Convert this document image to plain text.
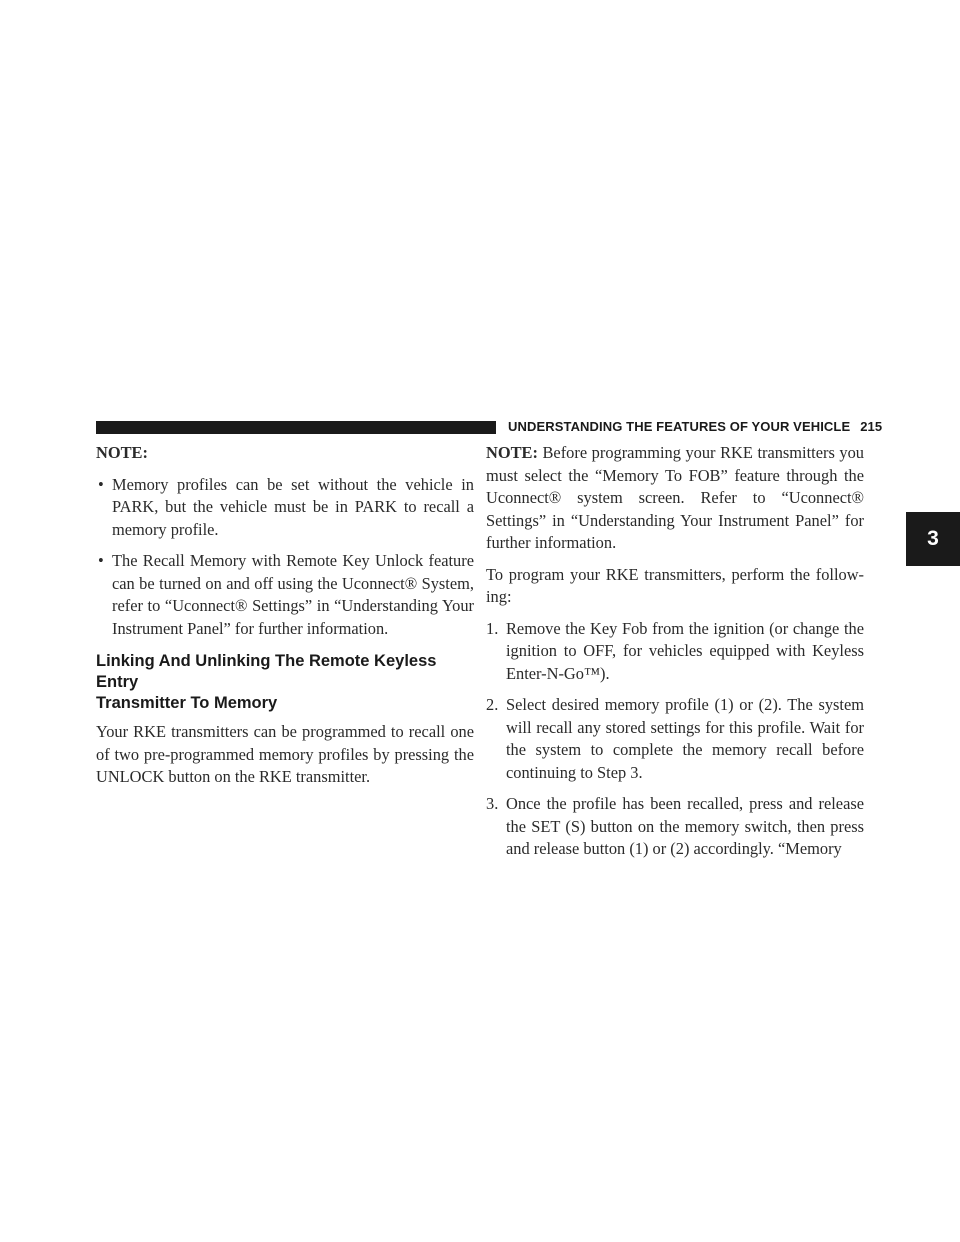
UNDERSTANDING THE FEATURES OF YOUR VEHICLE 215
3

NOTE:

• Memory profiles can be set without the vehicle in PARK, but the vehicle must be in PARK to recall a memory profile.
• The Recall Memory with Remote Key Unlock feature can be turned on and off using the Uconnect® System, refer to “Uconnect® Settings” in “Understanding Your Instrument Panel” for further information.
Linking And Unlinking The Remote Keyless Entry
Transmitter To Memory

Your RKE transmitters can be programmed to recall one of two pre-programmed memory profiles by pressing the UNLOCK button on the RKE transmitter.

NOTE: Before programming your RKE transmitters you must select the “Memory To FOB” feature through the Uconnect® system screen. Refer to “Uconnect® Settings” in “Understanding Your Instrument Panel” for further information.

To program your RKE transmitters, perform the follow- ing:

1. Remove the Key Fob from the ignition (or change the ignition to OFF, for vehicles equipped with Keyless Enter-N-Go™).
2. Select desired memory profile (1) or (2). The system will recall any stored settings for this profile. Wait for the system to complete the memory recall before continuing to Step 3.
3. Once the profile has been recalled, press and release the SET (S) button on the memory switch, then press and release button (1) or (2) accordingly. “Memory
